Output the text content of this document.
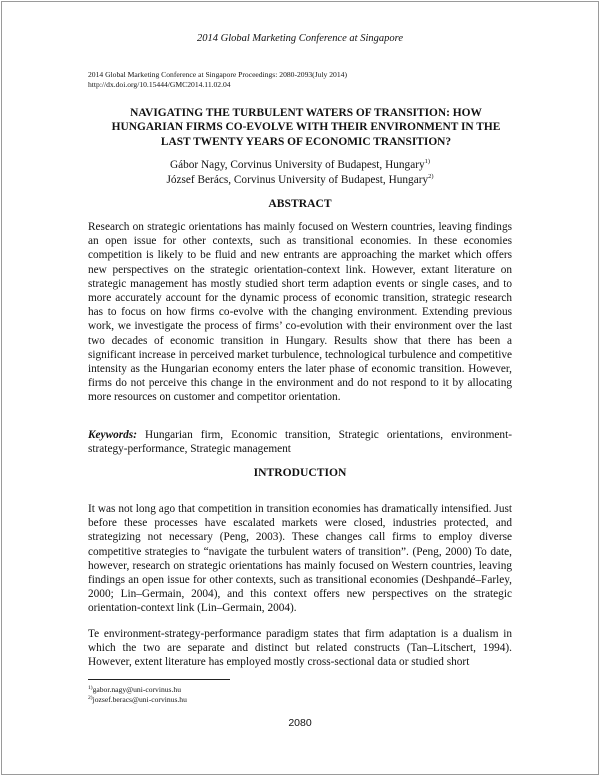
2014 Global Marketing Conference at Singapore
2014 Global Marketing Conference at Singapore Proceedings: 2080-2093(July 2014)
http://dx.doi.org/10.15444/GMC2014.11.02.04
NAVIGATING THE TURBULENT WATERS OF TRANSITION: HOW HUNGARIAN FIRMS CO-EVOLVE WITH THEIR ENVIRONMENT IN THE LAST TWENTY YEARS OF ECONOMIC TRANSITION?
Gábor Nagy, Corvinus University of Budapest, Hungary$^{1)}$
József Berács, Corvinus University of Budapest, Hungary$^{2)}$
ABSTRACT

Research on strategic orientations has mainly focused on Western countries, leaving findings an open issue for other contexts, such as transitional economies. In these economies competition is likely to be fluid and new entrants are approaching the market which offers new perspectives on the strategic orientation-context link. However, extant literature on strategic management has mostly studied short term adaption events or single cases, and to more accurately account for the dynamic process of economic transition, strategic research has to focus on how firms co-evolve with the changing environment. Extending previous work, we investigate the process of firms’ co-evolution with their environment over the last two decades of economic transition in Hungary. Results show that there has been a significant increase in perceived market turbulence, technological turbulence and competitive intensity as the Hungarian economy enters the later phase of economic transition. However, firms do not perceive this change in the environment and do not respond to it by allocating more resources on customer and competitor orientation.

Keywords: Hungarian firm, Economic transition, Strategic orientations, environment-strategy-performance, Strategic management

INTRODUCTION

It was not long ago that competition in transition economies has dramatically intensified. Just before these processes have escalated markets were closed, industries protected, and strategizing not necessary (Peng, 2003). These changes call firms to employ diverse competitive strategies to “navigate the turbulent waters of transition”. (Peng, 2000) To date, however, research on strategic orientations has mainly focused on Western countries, leaving findings an open issue for other contexts, such as transitional economies (Deshpandé–Farley, 2000; Lin–Germain, 2004), and this context offers new perspectives on the strategic orientation-context link (Lin–Germain, 2004).

Te environment-strategy-performance paradigm states that firm adaptation is a dualism in which the two are separate and distinct but related constructs (Tan–Litschert, 1994). However, extent literature has employed mostly cross-sectional data or studied short

$^{1)}$gabor.nagy@uni-corvinus.hu
$^{2)}$jozsef.beracs@uni-corvinus.hu
2080
